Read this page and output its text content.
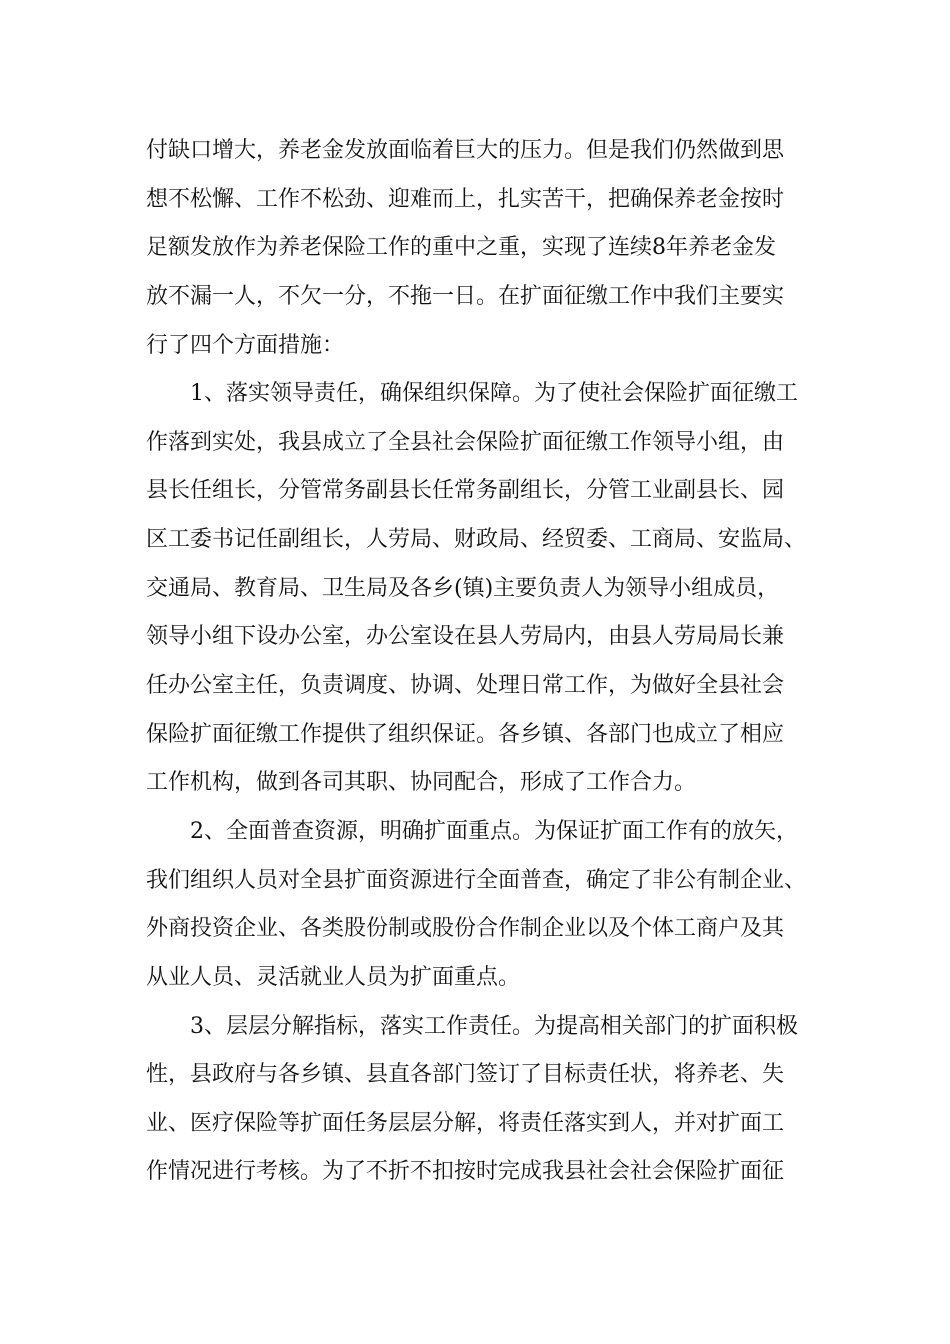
付缺口增大，养老金发放面临着巨大的压力。但是我们仍然做到思
想不松懈、工作不松劲、迎难而上，扎实苦干，把确保养老金按时
足额发放作为养老保险工作的重中之重，实现了连续8年养老金发
放不漏一人，不欠一分，不拖一日。在扩面征缴工作中我们主要实
行了四个方面措施：
1、落实领导责任，确保组织保障。为了使社会保险扩面征缴工
作落到实处，我县成立了全县社会保险扩面征缴工作领导小组，由
县长任组长，分管常务副县长任常务副组长，分管工业副县长、园
区工委书记任副组长，人劳局、财政局、经贸委、工商局、安监局、
交通局、教育局、卫生局及各乡(镇)主要负责人为领导小组成员，
领导小组下设办公室，办公室设在县人劳局内，由县人劳局局长兼
任办公室主任，负责调度、协调、处理日常工作，为做好全县社会
保险扩面征缴工作提供了组织保证。各乡镇、各部门也成立了相应
工作机构，做到各司其职、协同配合，形成了工作合力。
2、全面普查资源，明确扩面重点。为保证扩面工作有的放矢，
我们组织人员对全县扩面资源进行全面普查，确定了非公有制企业、
外商投资企业、各类股份制或股份合作制企业以及个体工商户及其
从业人员、灵活就业人员为扩面重点。
3、层层分解指标，落实工作责任。为提高相关部门的扩面积极
性，县政府与各乡镇、县直各部门签订了目标责任状，将养老、失
业、医疗保险等扩面任务层层分解，将责任落实到人，并对扩面工
作情况进行考核。为了不折不扣按时完成我县社会社会保险扩面征
